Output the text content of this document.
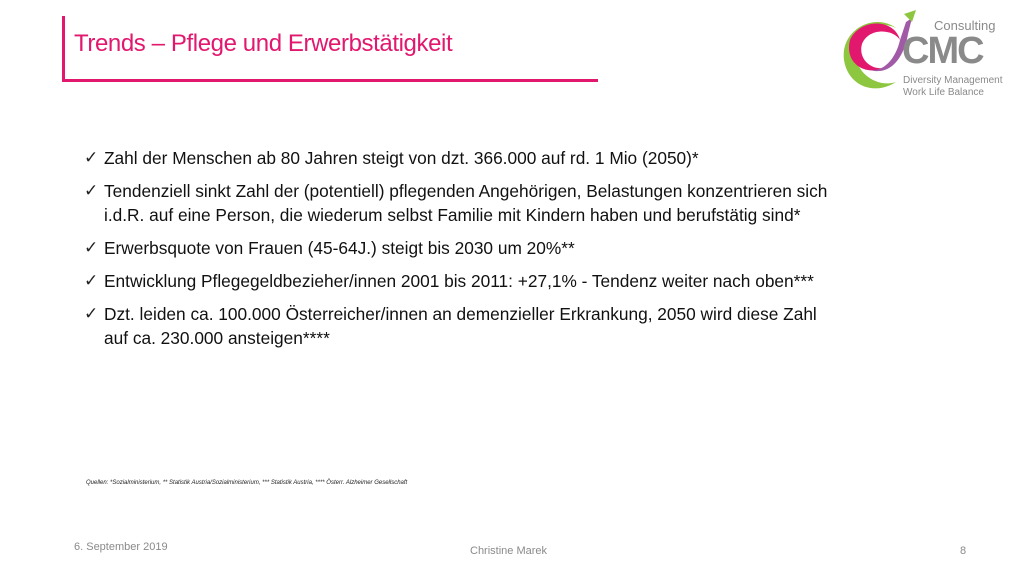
Trends – Pflege und Erwerbstätigkeit
Consulting
CMC
Diversity Management
Work Life Balance
✓ Zahl der Menschen ab 80 Jahren steigt von dzt. 366.000 auf rd. 1 Mio (2050)*
✓ Tendenziell sinkt Zahl der (potentiell) pflegenden Angehörigen, Belastungen konzentrieren sich i.d.R. auf eine Person, die wiederum selbst Familie mit Kindern haben und berufstätig sind*
✓ Erwerbsquote von Frauen (45-64J.) steigt bis 2030 um 20%**
✓ Entwicklung Pflegegeldbezieher/innen 2001 bis 2011: +27,1% - Tendenz weiter nach oben***
✓ Dzt. leiden ca. 100.000 Österreicher/innen an demenzieller Erkrankung, 2050 wird diese Zahl auf ca. 230.000 ansteigen****
Quellen: *Sozialministerium, ** Statistik Austria/Sozialministerium, *** Statistik Austria, **** Österr. Alzheimer Gesellschaft
6. September 2019	Christine Marek	8
